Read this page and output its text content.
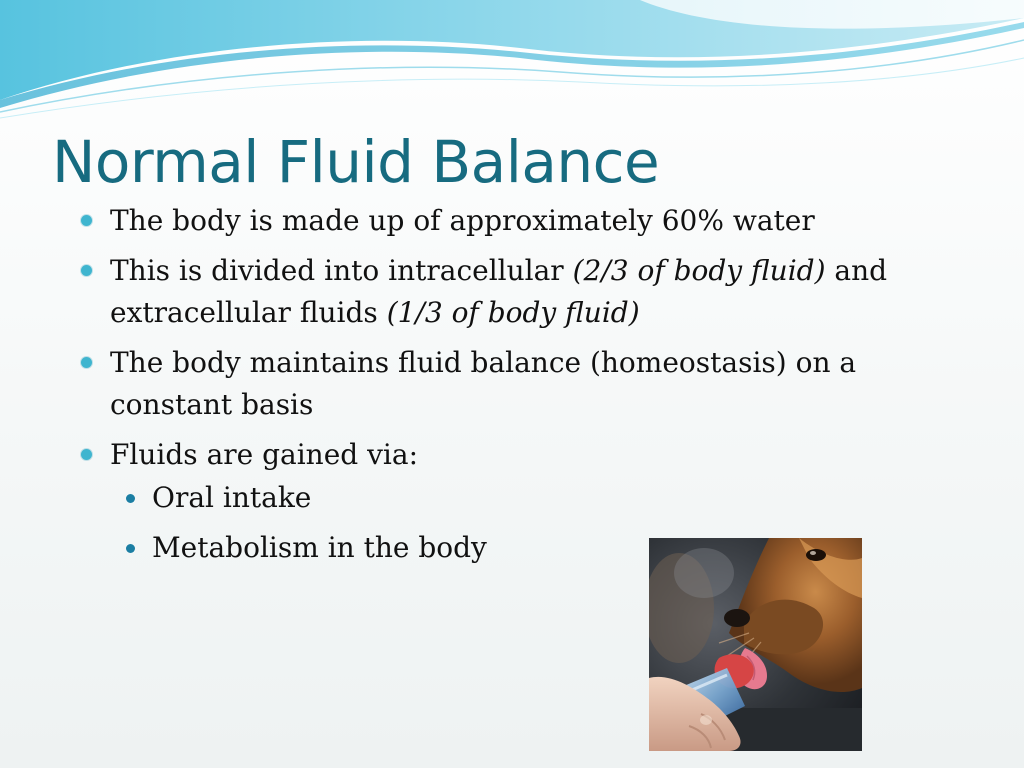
Normal Fluid Balance
The body is made up of approximately 60% water
This is divided into intracellular (2/3 of body fluid) and extracellular fluids (1/3 of body fluid)
The body maintains fluid balance (homeostasis) on a constant basis
Fluids are gained via:
Oral intake
Metabolism in the body
